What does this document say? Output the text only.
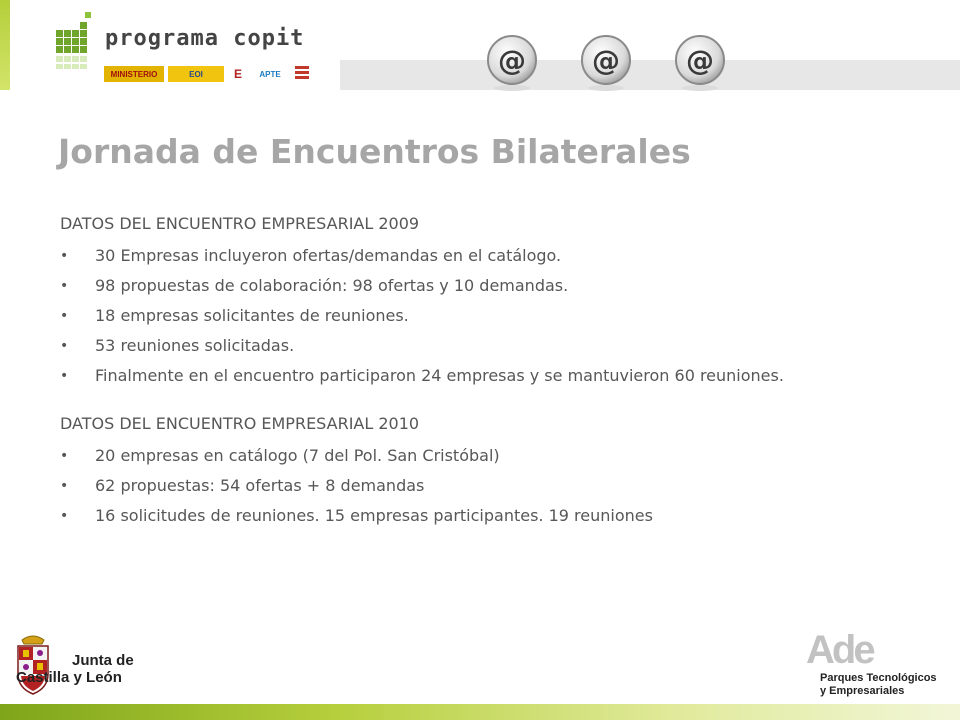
programa copit
MINISTERIO	EOI	E	APTE	@ @ @
Jornada de Encuentros Bilaterales
DATOS DEL ENCUENTRO EMPRESARIAL 2009
• 30 Empresas incluyeron ofertas/demandas en el catálogo.
• 98 propuestas de colaboración: 98 ofertas y 10 demandas.
• 18 empresas solicitantes de reuniones.
• 53 reuniones solicitadas.
• Finalmente en el encuentro participaron 24 empresas y se mantuvieron 60 reuniones.
DATOS DEL ENCUENTRO EMPRESARIAL 2010
• 20 empresas en catálogo (7 del Pol. San Cristóbal)
• 62 propuestas: 54 ofertas + 8 demandas
• 16 solicitudes de reuniones. 15 empresas participantes. 19 reuniones
Junta de
Castilla y León
Ade
Parques Tecnológicos
y Empresariales
